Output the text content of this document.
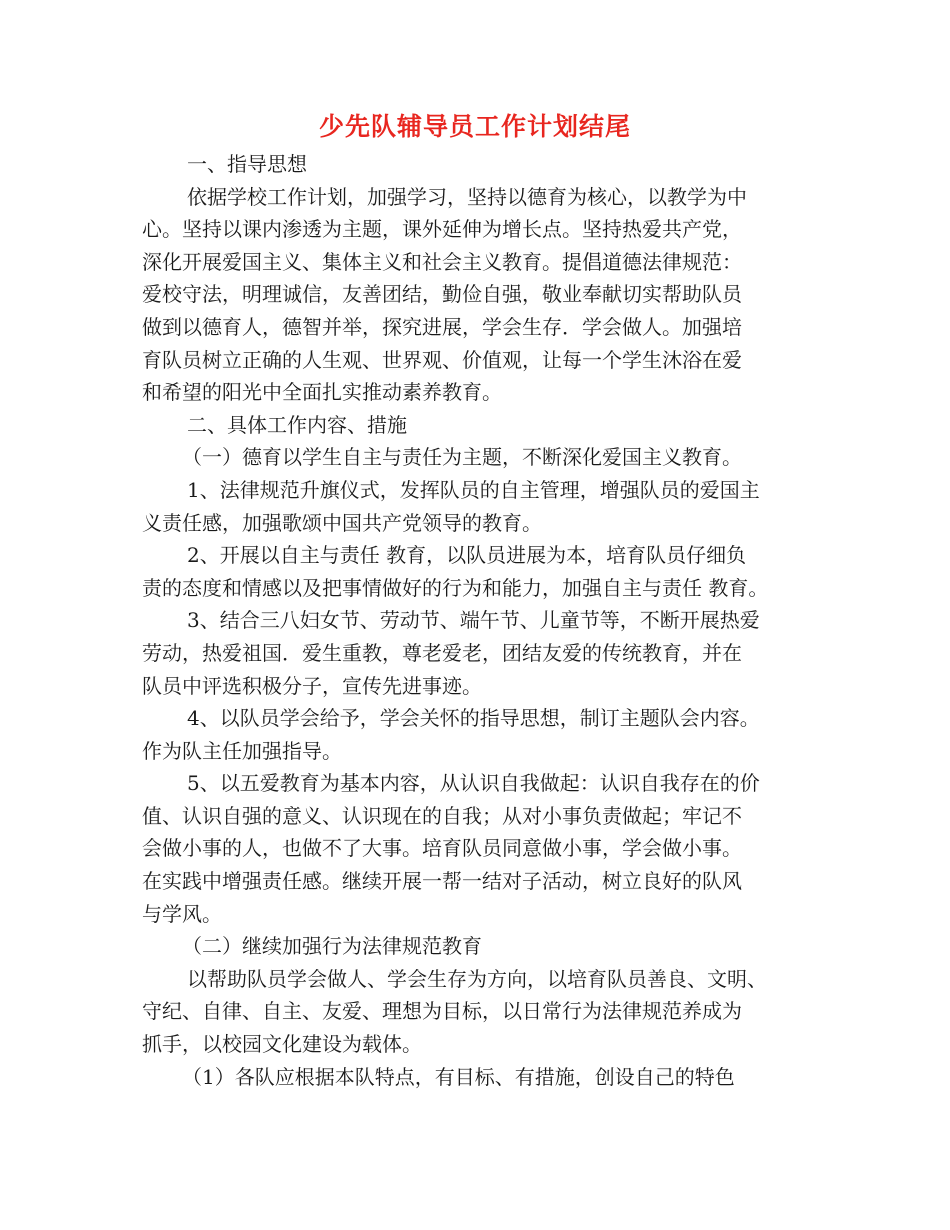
少先队辅导员工作计划结尾
一、指导思想
依据学校工作计划，加强学习，坚持以德育为核心，以教学为中
心。坚持以课内渗透为主题，课外延伸为增长点。坚持热爱共产党，
深化开展爱国主义、集体主义和社会主义教育。提倡道德法律规范：
爱校守法，明理诚信，友善团结，勤俭自强，敬业奉献切实帮助队员
做到以德育人，德智并举，探究进展，学会生存．学会做人。加强培
育队员树立正确的人生观、世界观、价值观，让每一个学生沐浴在爱
和希望的阳光中全面扎实推动素养教育。
二、具体工作内容、措施
（一）德育以学生自主与责任为主题，不断深化爱国主义教育。
1、法律规范升旗仪式，发挥队员的自主管理，增强队员的爱国主
义责任感，加强歌颂中国共产党领导的教育。
2、开展以自主与责任 教育，以队员进展为本，培育队员仔细负
责的态度和情感以及把事情做好的行为和能力，加强自主与责任 教育。
3、结合三八妇女节、劳动节、端午节、儿童节等，不断开展热爱
劳动，热爱祖国．爱生重教，尊老爱老，团结友爱的传统教育，并在
队员中评选积极分子，宣传先进事迹。
4、以队员学会给予，学会关怀的指导思想，制订主题队会内容。
作为队主任加强指导。
5、以五爱教育为基本内容，从认识自我做起：认识自我存在的价
值、认识自强的意义、认识现在的自我；从对小事负责做起；牢记不
会做小事的人，也做不了大事。培育队员同意做小事，学会做小事。
在实践中增强责任感。继续开展一帮一结对子活动，树立良好的队风
与学风。
（二）继续加强行为法律规范教育
以帮助队员学会做人、学会生存为方向，以培育队员善良、文明、
守纪、自律、自主、友爱、理想为目标，以日常行为法律规范养成为
抓手，以校园文化建设为载体。
（1）各队应根据本队特点，有目标、有措施，创设自己的特色
